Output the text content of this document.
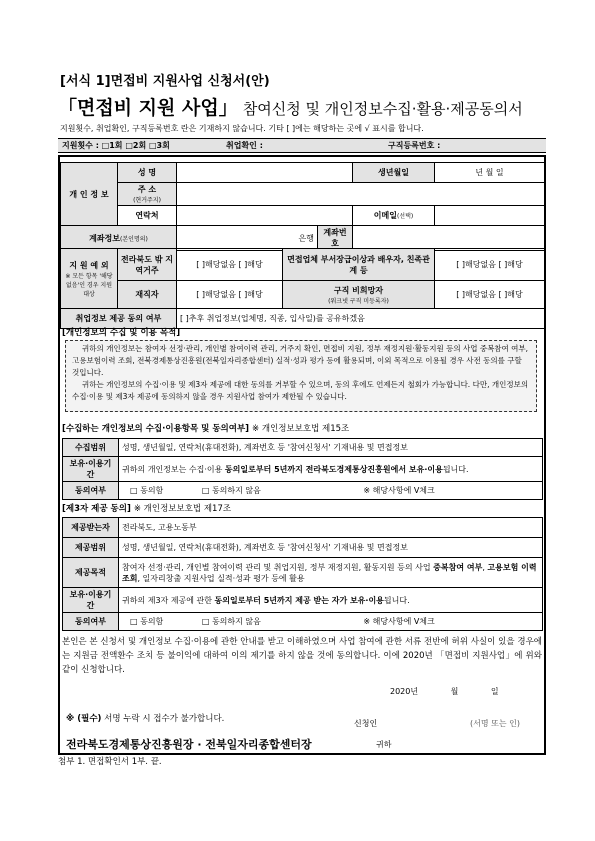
[서식 1]면접비 지원사업 신청서(안)
「면접비 지원 사업」 참여신청 및 개인정보수집·활용·제공동의서
지원횟수, 취업확인, 구직등록번호 란은 기재하지 않습니다. 기타 [ ]에는 해당하는 곳에 √ 표시를 합니다.
지원횟수 : □1회 □2회 □3회	취업확인 :	구직등록번호 :
개 인 정 보	성 명			생년월일	년 월 일
	주 소
(현거주지)				
	연락처			이메일(선택)	
계좌정보(본인명의)		은행	계좌번호		
지 원 예 외
※ 모든 항목 '해당없음'인 경우 지원대상	전라북도 밖 지역거주	[ ]해당없음 [ ]해당	면접업체 부서장급이상과 배우자, 친족관계 등	[ ]해당없음 [ ]해당
	재직자	[ ]해당없음 [ ]해당	구직 비희망자
(워크넷 구직 미등록자)	[ ]해당없음 [ ]해당
취업정보 제공 동의 여부		[ ]추후 취업정보(업체명, 직종, 입사일)를 공유하겠음		
[개인정보의 수집 및 이용 목적]
귀하의 개인정보는 참여자 선정·관리, 개인별 참여이력 관리, 거주지 확인, 면접비 지원, 정부 재정지원·활동지원 등의 사업 중복참여 여부, 고용보험이력 조회, 전북경제통상진흥원(전북일자리종합센터) 실적·성과 평가 등에 활용되며, 이외 목적으로 이용될 경우 사전 동의를 구할 것입니다.
귀하는 개인정보의 수집·이용 및 제3자 제공에 대한 동의를 거부할 수 있으며, 동의 후에도 언제든지 철회가 가능합니다. 다만, 개인정보의 수집·이용 및 제3자 제공에 동의하지 않을 경우 지원사업 참여가 제한될 수 있습니다.
[수집하는 개인정보의 수집·이용항목 및 동의여부] ※ 개인정보보호법 제15조
수집범위	성명, 생년월일, 연락처(휴대전화), 계좌번호 등 '참여신청서' 기재내용 및 면접정보
보유·이용기간	귀하의 개인정보는 수집·이용 동의일로부터 5년까지 전라북도경제통상진흥원에서 보유·이용됩니다.
동의여부	□ 동의함 □ 동의하지 않음 ※ 해당사항에 V체크
[제3자 제공 동의] ※ 개인정보보호법 제17조
제공받는자	전라북도, 고용노동부
제공범위	성명, 생년월일, 연락처(휴대전화), 계좌번호 등 '참여신청서' 기재내용 및 면접정보
제공목적	참여자 선정·관리, 개인별 참여이력 관리 및 취업지원, 정부 재정지원, 활동지원 등의 사업 중복참여 여부, 고용보험 이력 조회, 일자리창출 지원사업 실적·성과 평가 등에 활용
보유·이용기간	귀하의 제3자 제공에 관한 동의일로부터 5년까지 제공 받는 자가 보유·이용됩니다.
동의여부	□ 동의함 □ 동의하지 않음 ※ 해당사항에 V체크
본인은 본 신청서 및 개인정보 수집·이용에 관한 안내를 받고 이해하였으며 사업 참여에 관한 서류 전반에 허위 사실이 있을 경우에는 지원금 전액환수 조치 등 불이익에 대하여 이의 제기를 하지 않을 것에 동의합니다. 이에 2020년 「면접비 지원사업」에 위와 같이 신청합니다.
2020년 월 일
※ (필수) 서명 누락 시 접수가 불가합니다.	신청인	(서명 또는 인)
전라북도경제통상진흥원장 · 전북일자리종합센터장	귀하
첨부 1. 면접확인서 1부. 끝.
